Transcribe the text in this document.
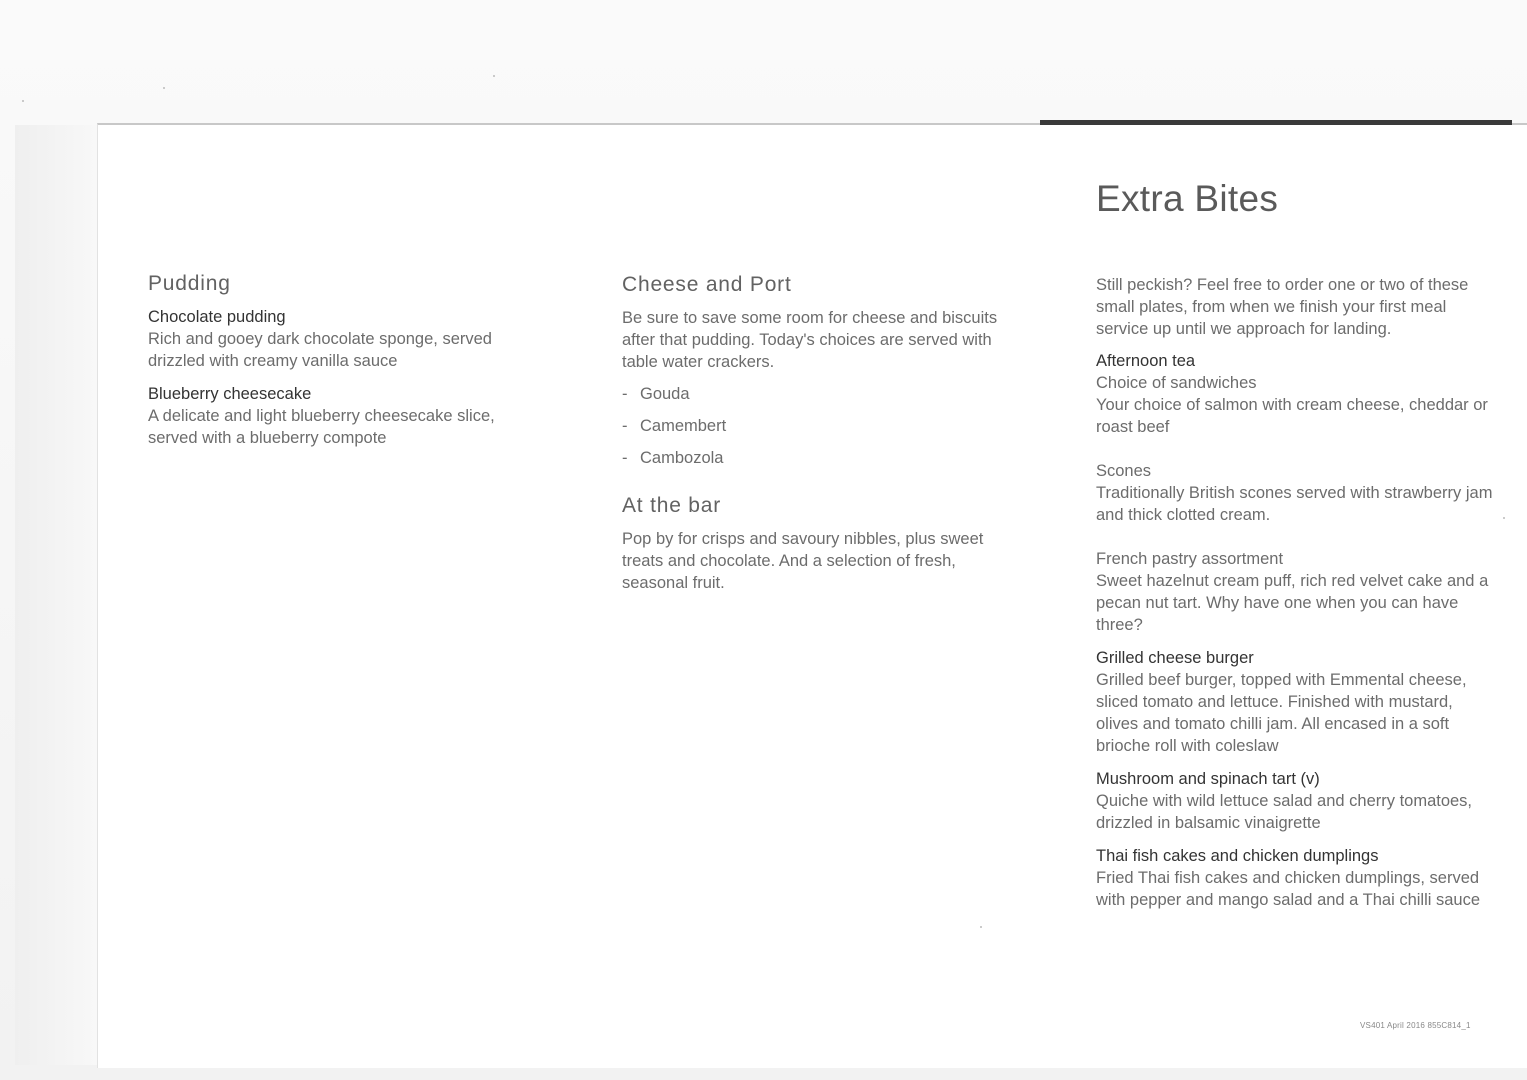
Pudding
Chocolate pudding
Rich and gooey dark chocolate sponge, served drizzled with creamy vanilla sauce
Blueberry cheesecake
A delicate and light blueberry cheesecake slice, served with a blueberry compote
Cheese and Port
Be sure to save some room for cheese and biscuits after that pudding. Today's choices are served with table water crackers.
- Gouda
- Camembert
- Cambozola
At the bar
Pop by for crisps and savoury nibbles, plus sweet treats and chocolate. And a selection of fresh, seasonal fruit.
Extra Bites
Still peckish? Feel free to order one or two of these small plates, from when we finish your first meal service up until we approach for landing.
Afternoon tea
Choice of sandwiches
Your choice of salmon with cream cheese, cheddar or roast beef
Scones
Traditionally British scones served with strawberry jam and thick clotted cream.
French pastry assortment
Sweet hazelnut cream puff, rich red velvet cake and a pecan nut tart. Why have one when you can have three?
Grilled cheese burger
Grilled beef burger, topped with Emmental cheese, sliced tomato and lettuce. Finished with mustard, olives and tomato chilli jam. All encased in a soft brioche roll with coleslaw
Mushroom and spinach tart (v)
Quiche with wild lettuce salad and cherry tomatoes, drizzled in balsamic vinaigrette
Thai fish cakes and chicken dumplings
Fried Thai fish cakes and chicken dumplings, served with pepper and mango salad and a Thai chilli sauce
VS401 April 2016 855C814_1
